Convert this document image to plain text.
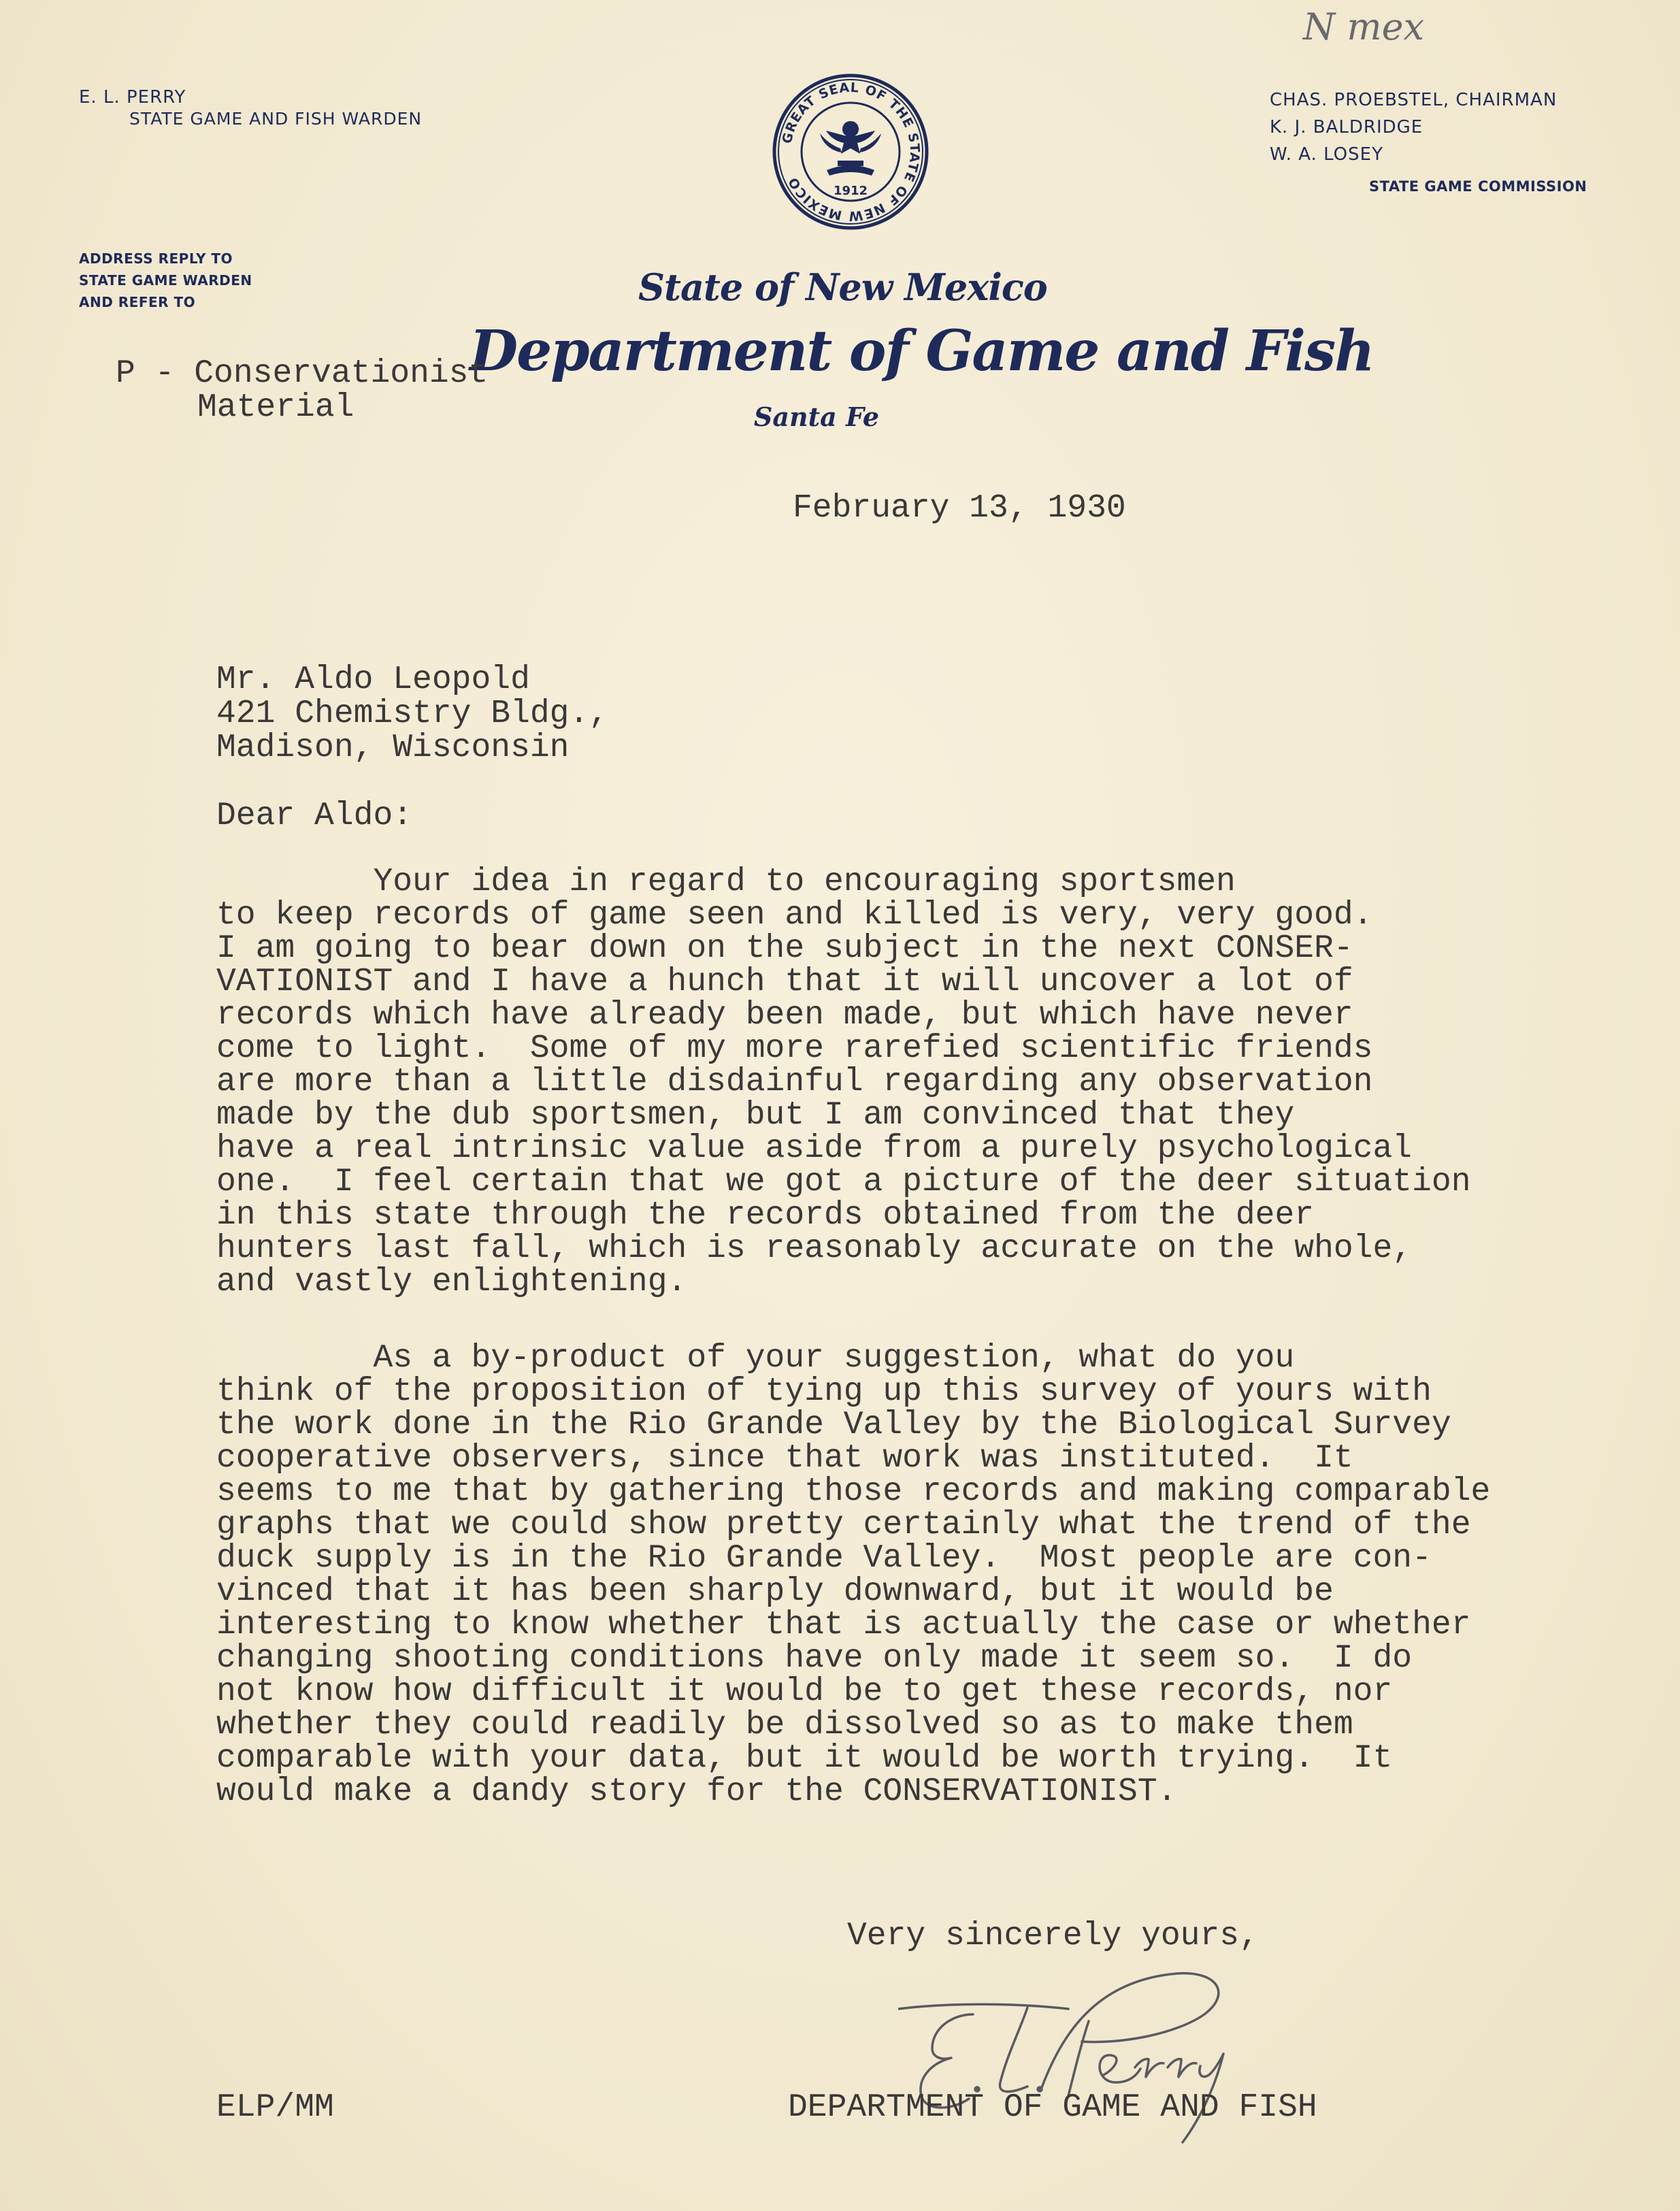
N mex
E. L. PERRY
STATE GAME AND FISH WARDEN
CHAS. PROEBSTEL, CHAIRMAN
K. J. BALDRIDGE
W. A. LOSEY
STATE GAME COMMISSION
ADDRESS REPLY TO
STATE GAME WARDEN
AND REFER TO
GREAT SEAL OF THE STATE OF NEW MEXICO	1912
State of New Mexico
Department of Game and Fish
Santa Fe
P - Conservationist
Material
February 13, 1930
Mr. Aldo Leopold
421 Chemistry Bldg.,
Madison, Wisconsin
Dear Aldo:
Your idea in regard to encouraging sportsmen
to keep records of game seen and killed is very, very good.
I am going to bear down on the subject in the next CONSER-
VATIONIST and I have a hunch that it will uncover a lot of
records which have already been made, but which have never
come to light.  Some of my more rarefied scientific friends
are more than a little disdainful regarding any observation
made by the dub sportsmen, but I am convinced that they
have a real intrinsic value aside from a purely psychological
one.  I feel certain that we got a picture of the deer situation
in this state through the records obtained from the deer
hunters last fall, which is reasonably accurate on the whole,
and vastly enlightening.
As a by-product of your suggestion, what do you
think of the proposition of tying up this survey of yours with
the work done in the Rio Grande Valley by the Biological Survey
cooperative observers, since that work was instituted.  It
seems to me that by gathering those records and making comparable
graphs that we could show pretty certainly what the trend of the
duck supply is in the Rio Grande Valley.  Most people are con-
vinced that it has been sharply downward, but it would be
interesting to know whether that is actually the case or whether
changing shooting conditions have only made it seem so.  I do
not know how difficult it would be to get these records, nor
whether they could readily be dissolved so as to make them
comparable with your data, but it would be worth trying.  It
would make a dandy story for the CONSERVATIONIST.
Very sincerely yours,
ELP/MM	DEPARTMENT OF GAME AND FISH
